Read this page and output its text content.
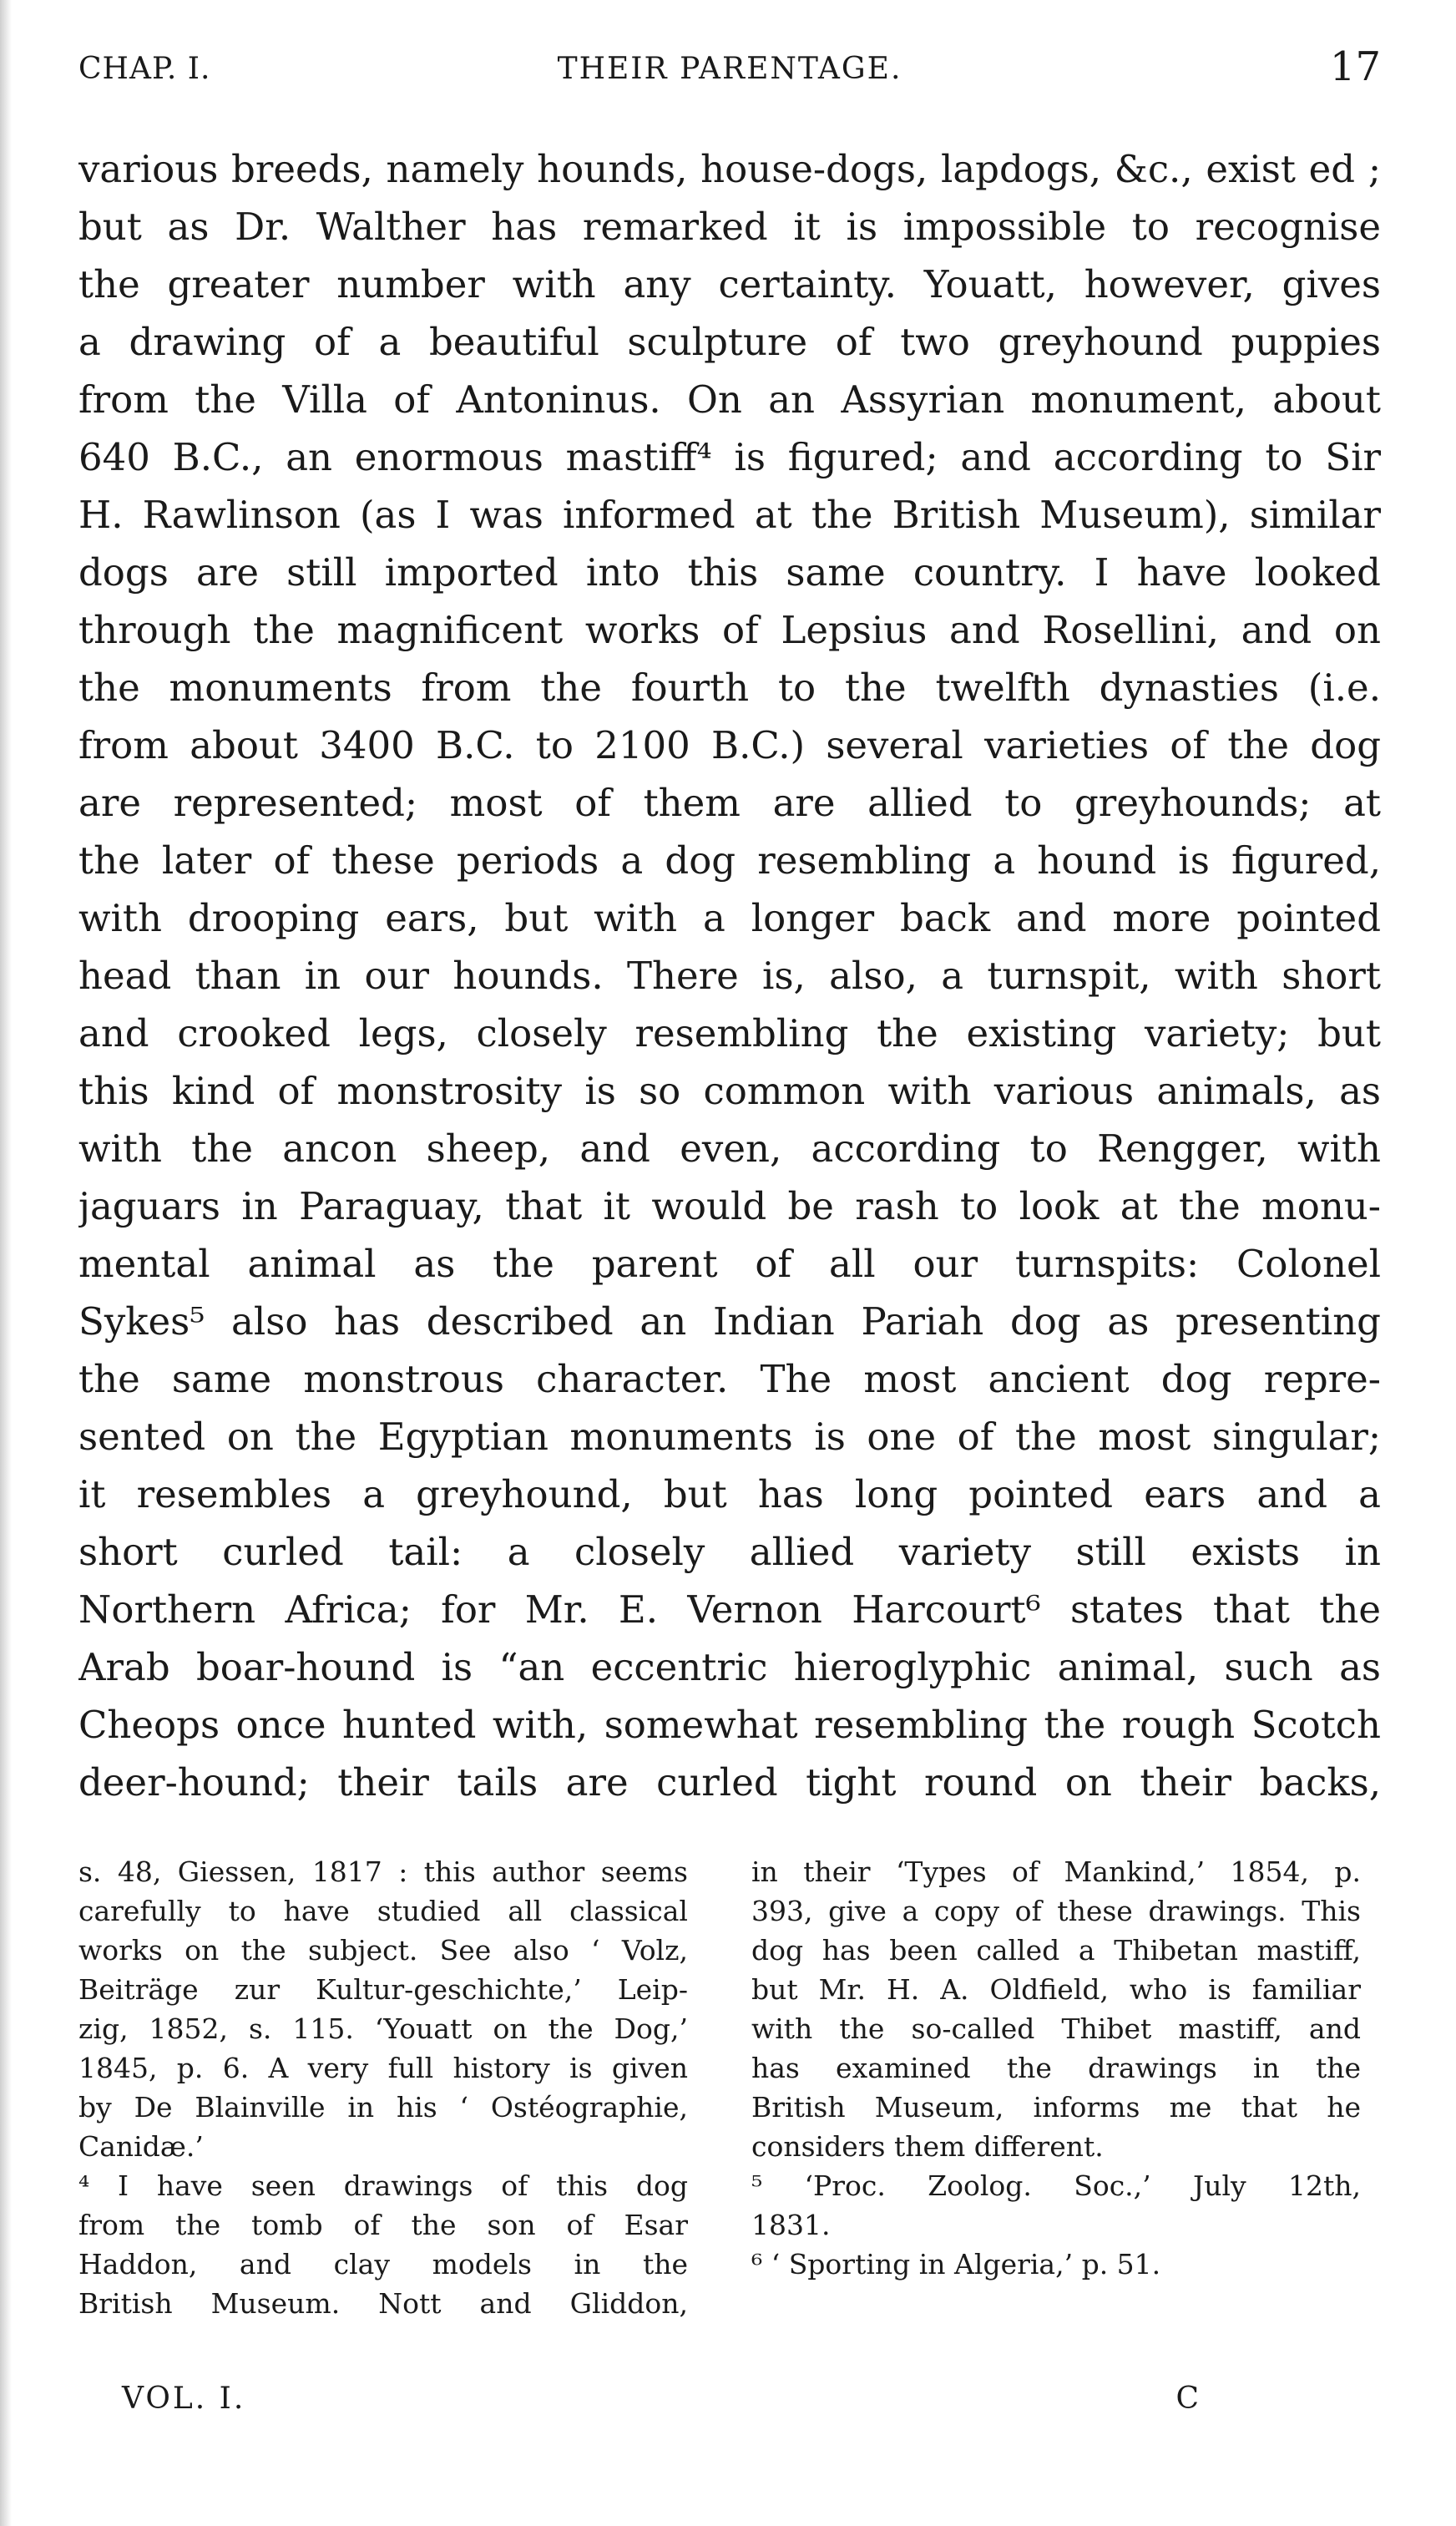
CHAP. I.	THEIR PARENTAGE.	17
various breeds, namely hounds, house-dogs, lapdogs, &c., exist ed ;
but as Dr. Walther has remarked it is impossible to recognise
the greater number with any certainty. Youatt, however, gives
a drawing of a beautiful sculpture of two greyhound puppies
from the Villa of Antoninus. On an Assyrian monument, about
640 B.C., an enormous mastiff⁴ is figured; and according to Sir
H. Rawlinson (as I was informed at the British Museum), similar
dogs are still imported into this same country. I have looked
through the magnificent works of Lepsius and Rosellini, and on
the monuments from the fourth to the twelfth dynasties (i.e.
from about 3400 B.C. to 2100 B.C.) several varieties of the dog
are represented; most of them are allied to greyhounds; at
the later of these periods a dog resembling a hound is figured,
with drooping ears, but with a longer back and more pointed
head than in our hounds. There is, also, a turnspit, with short
and crooked legs, closely resembling the existing variety; but
this kind of monstrosity is so common with various animals, as
with the ancon sheep, and even, according to Rengger, with
jaguars in Paraguay, that it would be rash to look at the monu-
mental animal as the parent of all our turnspits: Colonel
Sykes⁵ also has described an Indian Pariah dog as presenting
the same monstrous character. The most ancient dog repre-
sented on the Egyptian monuments is one of the most singular;
it resembles a greyhound, but has long pointed ears and a
short curled tail: a closely allied variety still exists in
Northern Africa; for Mr. E. Vernon Harcourt⁶ states that the
Arab boar-hound is “an eccentric hieroglyphic animal, such as
Cheops once hunted with, somewhat resembling the rough Scotch
deer-hound; their tails are curled tight round on their backs,
s. 48, Giessen, 1817 : this author seems
carefully to have studied all classical
works on the subject. See also ‘ Volz,
Beiträge zur Kultur-geschichte,’ Leip-
zig, 1852, s. 115. ‘Youatt on the Dog,’
1845, p. 6. A very full history is given
by De Blainville in his ‘ Ostéographie,
Canidæ.’
⁴ I have seen drawings of this dog
from the tomb of the son of Esar
Haddon, and clay models in the
British Museum. Nott and Gliddon,
in their ‘Types of Mankind,’ 1854, p.
393, give a copy of these drawings. This
dog has been called a Thibetan mastiff,
but Mr. H. A. Oldfield, who is familiar
with the so-called Thibet mastiff, and
has examined the drawings in the
British Museum, informs me that he
considers them different.
⁵ ‘Proc. Zoolog. Soc.,’ July 12th,
1831.
⁶ ‘ Sporting in Algeria,’ p. 51.
VOL. I.	C
